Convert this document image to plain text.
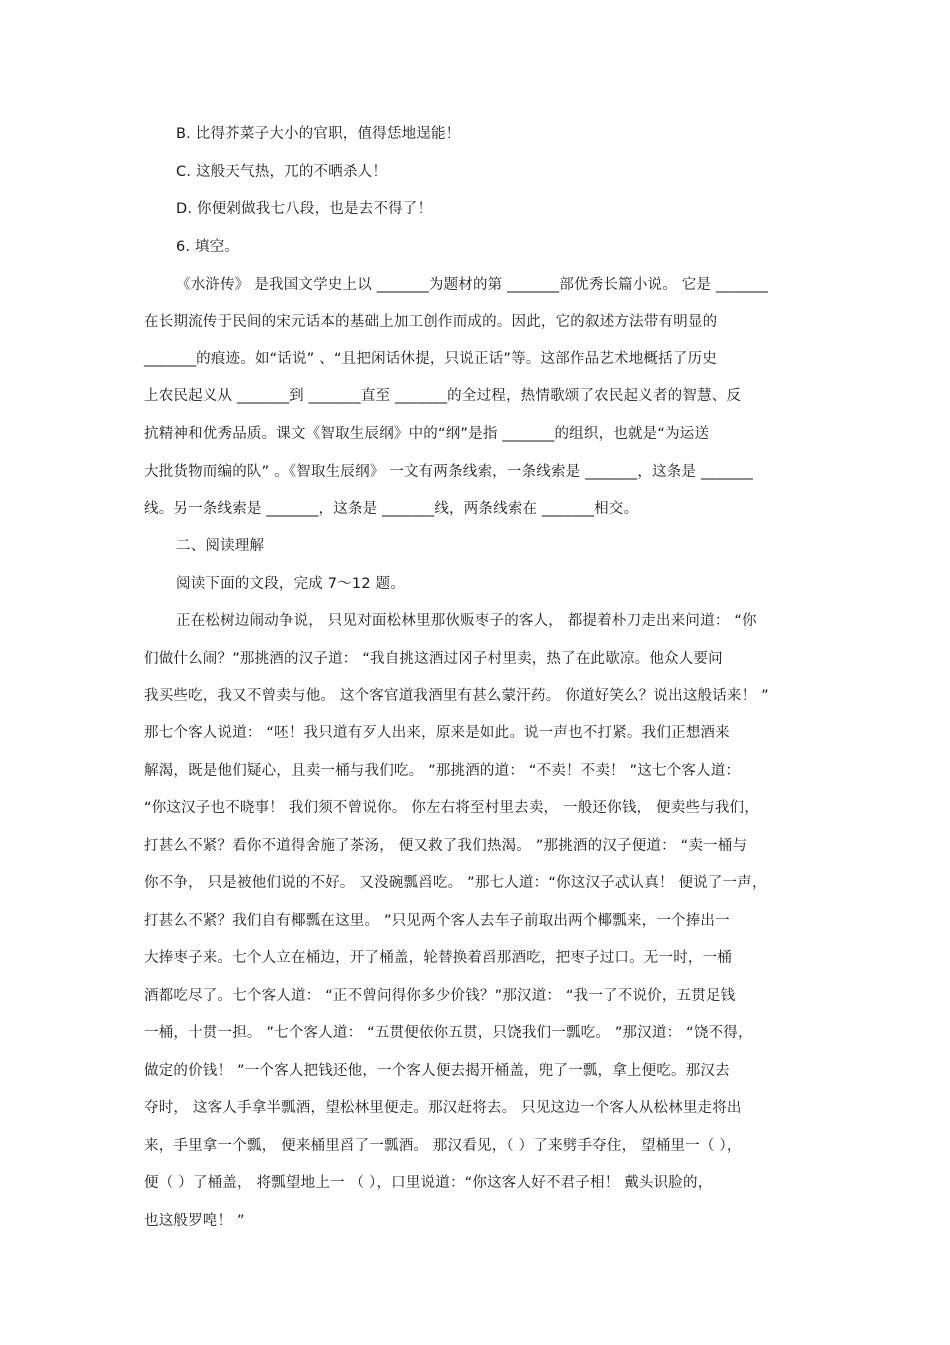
B. 比得芥菜子大小的官职，值得恁地逞能！
C. 这般天气热，兀的不晒杀人！
D. 你便剁做我七八段，也是去不得了！
6. 填空。
《水浒传》 是我国文学史上以 _______为题材的第 _______部优秀长篇小说。 它是 _______
在长期流传于民间的宋元话本的基础上加工创作而成的。因此，它的叙述方法带有明显的
_______的痕迹。如“话说” 、“且把闲话休提，只说正话”等。这部作品艺术地概括了历史
上农民起义从 _______到 _______直至 _______的全过程，热情歌颂了农民起义者的智慧、反
抗精神和优秀品质。课文《智取生辰纲》中的“纲”是指 _______的组织，也就是“为运送
大批货物而编的队” 。《智取生辰纲》 一文有两条线索，一条线索是 _______，这条是 _______
线。另一条线索是 _______，这条是 _______线，两条线索在 _______相交。
二、阅读理解
阅读下面的文段，完成 7～12 题。
正在松树边闹动争说， 只见对面松林里那伙贩枣子的客人， 都提着朴刀走出来问道： “你
们做什么闹？”那挑酒的汉子道： “我自挑这酒过冈子村里卖，热了在此歇凉。他众人要问
我买些吃，我又不曾卖与他。 这个客官道我酒里有甚么蒙汗药。 你道好笑么？说出这般话来！ ”
那七个客人说道： “呸！我只道有歹人出来，原来是如此。说一声也不打紧。我们正想酒来
解渴，既是他们疑心，且卖一桶与我们吃。 ”那挑酒的道： “不卖！不卖！ ”这七个客人道：
“你这汉子也不晓事！ 我们须不曾说你。 你左右将至村里去卖， 一般还你钱， 便卖些与我们，
打甚么不紧？看你不道得舍施了茶汤， 便又救了我们热渴。 ”那挑酒的汉子便道： “卖一桶与
你不争， 只是被他们说的不好。 又没碗瓢舀吃。 ”那七人道：“你这汉子忒认真！ 便说了一声，
打甚么不紧？我们自有椰瓢在这里。 ”只见两个客人去车子前取出两个椰瓢来，一个捧出一
大捧枣子来。七个人立在桶边，开了桶盖，轮替换着舀那酒吃，把枣子过口。无一时，一桶
酒都吃尽了。七个客人道： “正不曾问得你多少价钱？”那汉道： “我一了不说价，五贯足钱
一桶，十贯一担。 ”七个客人道： “五贯便依你五贯，只饶我们一瓢吃。 ”那汉道： “饶不得，
做定的价钱！ ”一个客人把钱还他，一个客人便去揭开桶盖，兜了一瓢，拿上便吃。那汉去
夺时， 这客人手拿半瓢酒，望松林里便走。那汉赶将去。 只见这边一个客人从松林里走将出
来，手里拿一个瓢， 便来桶里舀了一瓢酒。 那汉看见，（ ）了来劈手夺住， 望桶里一（ ），
便（ ）了桶盖， 将瓢望地上一 （ ），口里说道：“你这客人好不君子相！ 戴头识脸的，
也这般罗唣！ ”
